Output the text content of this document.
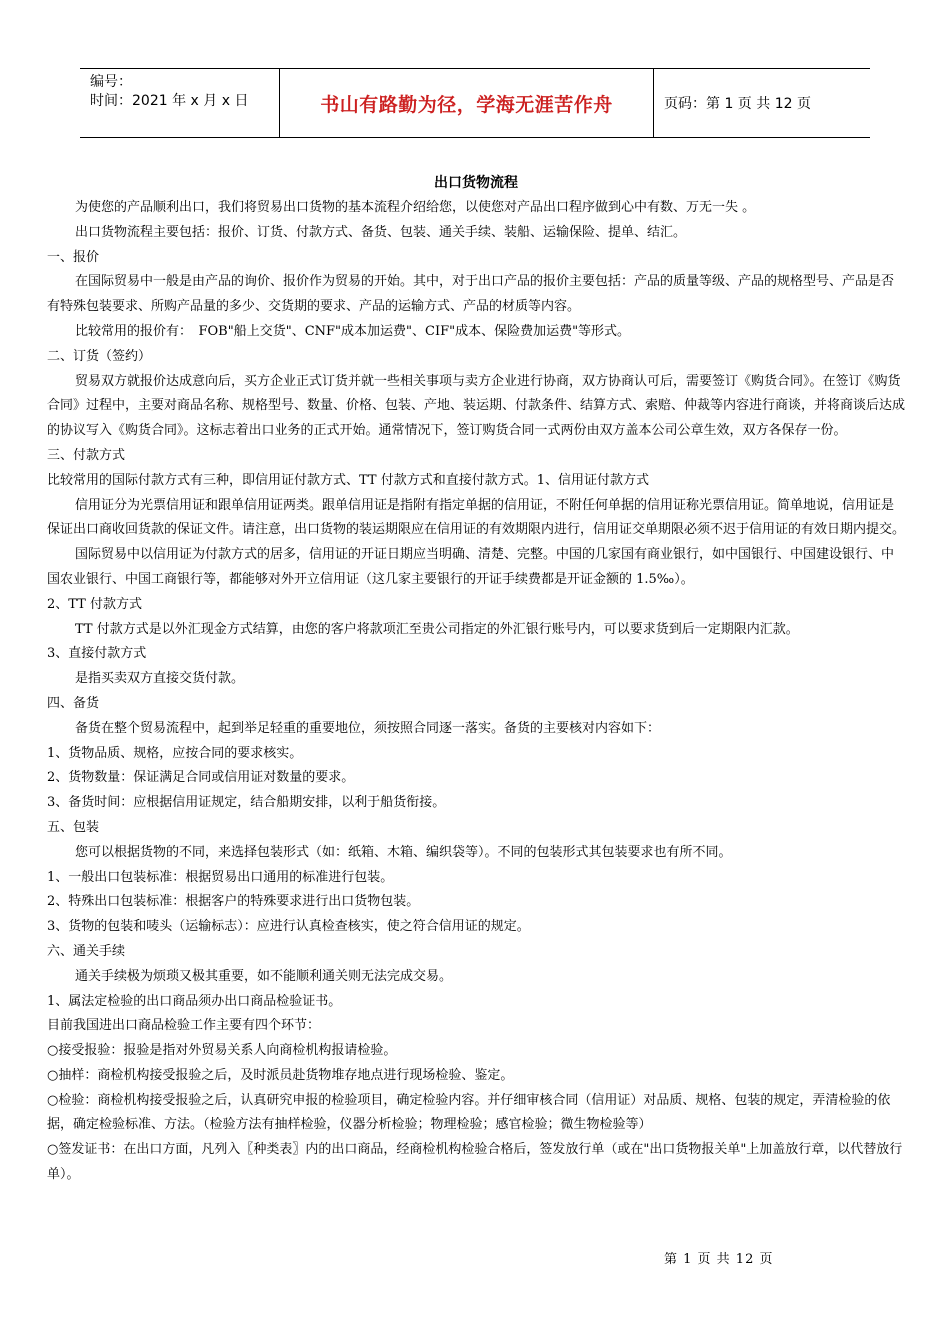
编号：
时间：2021 年 x 月 x 日	书山有路勤为径，学海无涯苦作舟	页码：第 1 页 共 12 页

出口货物流程

为使您的产品顺利出口，我们将贸易出口货物的基本流程介绍给您，以使您对产品出口程序做到心中有数、万无一失 。

出口货物流程主要包括：报价、订货、付款方式、备货、包装、通关手续、装船、运输保险、提单、结汇。

一、报价

在国际贸易中一般是由产品的询价、报价作为贸易的开始。其中，对于出口产品的报价主要包括：产品的质量等级、产品的规格型号、产品是否有特殊包装要求、所购产品量的多少、交货期的要求、产品的运输方式、产品的材质等内容。

比较常用的报价有：　FOB"船上交货"、CNF"成本加运费"、CIF"成本、保险费加运费"等形式。

二、订货（签约）

贸易双方就报价达成意向后，买方企业正式订货并就一些相关事项与卖方企业进行协商，双方协商认可后，需要签订《购货合同》。在签订《购货合同》过程中，主要对商品名称、规格型号、数量、价格、包装、产地、装运期、付款条件、结算方式、索赔、仲裁等内容进行商谈，并将商谈后达成的协议写入《购货合同》。这标志着出口业务的正式开始。通常情况下，签订购货合同一式两份由双方盖本公司公章生效，双方各保存一份。

三、付款方式

比较常用的国际付款方式有三种，即信用证付款方式、TT 付款方式和直接付款方式。1、信用证付款方式

信用证分为光票信用证和跟单信用证两类。跟单信用证是指附有指定单据的信用证，不附任何单据的信用证称光票信用证。简单地说，信用证是保证出口商收回货款的保证文件。请注意，出口货物的装运期限应在信用证的有效期限内进行，信用证交单期限必须不迟于信用证的有效日期内提交。

国际贸易中以信用证为付款方式的居多，信用证的开证日期应当明确、清楚、完整。中国的几家国有商业银行，如中国银行、中国建设银行、中国农业银行、中国工商银行等，都能够对外开立信用证（这几家主要银行的开证手续费都是开证金额的 1.5‰）。

2、TT 付款方式

TT 付款方式是以外汇现金方式结算，由您的客户将款项汇至贵公司指定的外汇银行账号内，可以要求货到后一定期限内汇款。

3、直接付款方式

是指买卖双方直接交货付款。

四、备货

备货在整个贸易流程中，起到举足轻重的重要地位，须按照合同逐一落实。备货的主要核对内容如下：

1、货物品质、规格，应按合同的要求核实。

2、货物数量：保证满足合同或信用证对数量的要求。

3、备货时间：应根据信用证规定，结合船期安排，以利于船货衔接。

五、包装

您可以根据货物的不同，来选择包装形式（如：纸箱、木箱、编织袋等）。不同的包装形式其包装要求也有所不同。

1、一般出口包装标准：根据贸易出口通用的标准进行包装。

2、特殊出口包装标准：根据客户的特殊要求进行出口货物包装。

3、货物的包装和唛头（运输标志）：应进行认真检查核实，使之符合信用证的规定。

六、通关手续

通关手续极为烦琐又极其重要，如不能顺利通关则无法完成交易。

1、属法定检验的出口商品须办出口商品检验证书。

目前我国进出口商品检验工作主要有四个环节：

○接受报验：报验是指对外贸易关系人向商检机构报请检验。

○抽样：商检机构接受报验之后，及时派员赴货物堆存地点进行现场检验、鉴定。

○检验：商检机构接受报验之后，认真研究申报的检验项目，确定检验内容。并仔细审核合同（信用证）对品质、规格、包装的规定，弄清检验的依据，确定检验标准、方法。（检验方法有抽样检验，仪器分析检验；物理检验；感官检验；微生物检验等）

○签发证书：在出口方面，凡列入〖种类表〗内的出口商品，经商检机构检验合格后，签发放行单（或在"出口货物报关单"上加盖放行章，以代替放行单）。

第 1 页 共 12 页
